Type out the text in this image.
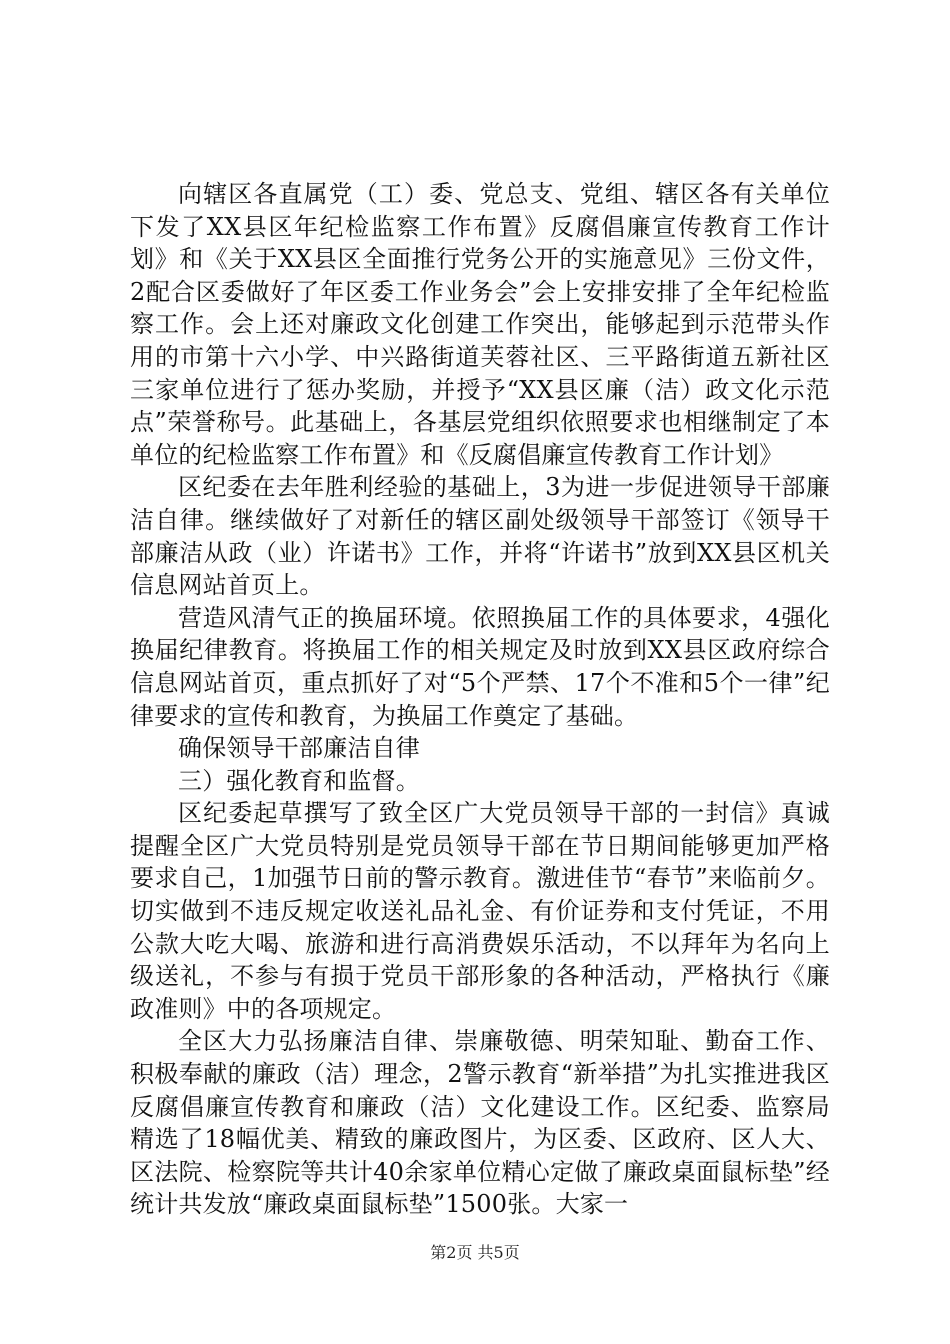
向辖区各直属党（工）委、党总支、党组、辖区各有关单位下发了XX县区年纪检监察工作布置》反腐倡廉宣传教育工作计划》和《关于XX县区全面推行党务公开的实施意见》三份文件，2配合区委做好了年区委工作业务会”会上安排安排了全年纪检监察工作。会上还对廉政文化创建工作突出，能够起到示范带头作用的市第十六小学、中兴路街道芙蓉社区、三平路街道五新社区三家单位进行了惩办奖励，并授予“XX县区廉（洁）政文化示范点”荣誉称号。此基础上，各基层党组织依照要求也相继制定了本单位的纪检监察工作布置》和《反腐倡廉宣传教育工作计划》

区纪委在去年胜利经验的基础上，3为进一步促进领导干部廉洁自律。继续做好了对新任的辖区副处级领导干部签订《领导干部廉洁从政（业）许诺书》工作，并将“许诺书”放到XX县区机关信息网站首页上。

营造风清气正的换届环境。依照换届工作的具体要求，4强化换届纪律教育。将换届工作的相关规定及时放到XX县区政府综合信息网站首页，重点抓好了对“5个严禁、17个不准和5个一律”纪律要求的宣传和教育，为换届工作奠定了基础。

确保领导干部廉洁自律

三）强化教育和监督。

区纪委起草撰写了致全区广大党员领导干部的一封信》真诚提醒全区广大党员特别是党员领导干部在节日期间能够更加严格要求自己，1加强节日前的警示教育。激进佳节“春节”来临前夕。切实做到不违反规定收送礼品礼金、有价证券和支付凭证，不用公款大吃大喝、旅游和进行高消费娱乐活动，不以拜年为名向上级送礼，不参与有损于党员干部形象的各种活动，严格执行《廉政准则》中的各项规定。

全区大力弘扬廉洁自律、崇廉敬德、明荣知耻、勤奋工作、积极奉献的廉政（洁）理念，2警示教育“新举措”为扎实推进我区反腐倡廉宣传教育和廉政（洁）文化建设工作。区纪委、监察局精选了18幅优美、精致的廉政图片，为区委、区政府、区人大、区法院、检察院等共计40余家单位精心定做了廉政桌面鼠标垫”经统计共发放“廉政桌面鼠标垫”1500张。大家一

第2页 共5页
